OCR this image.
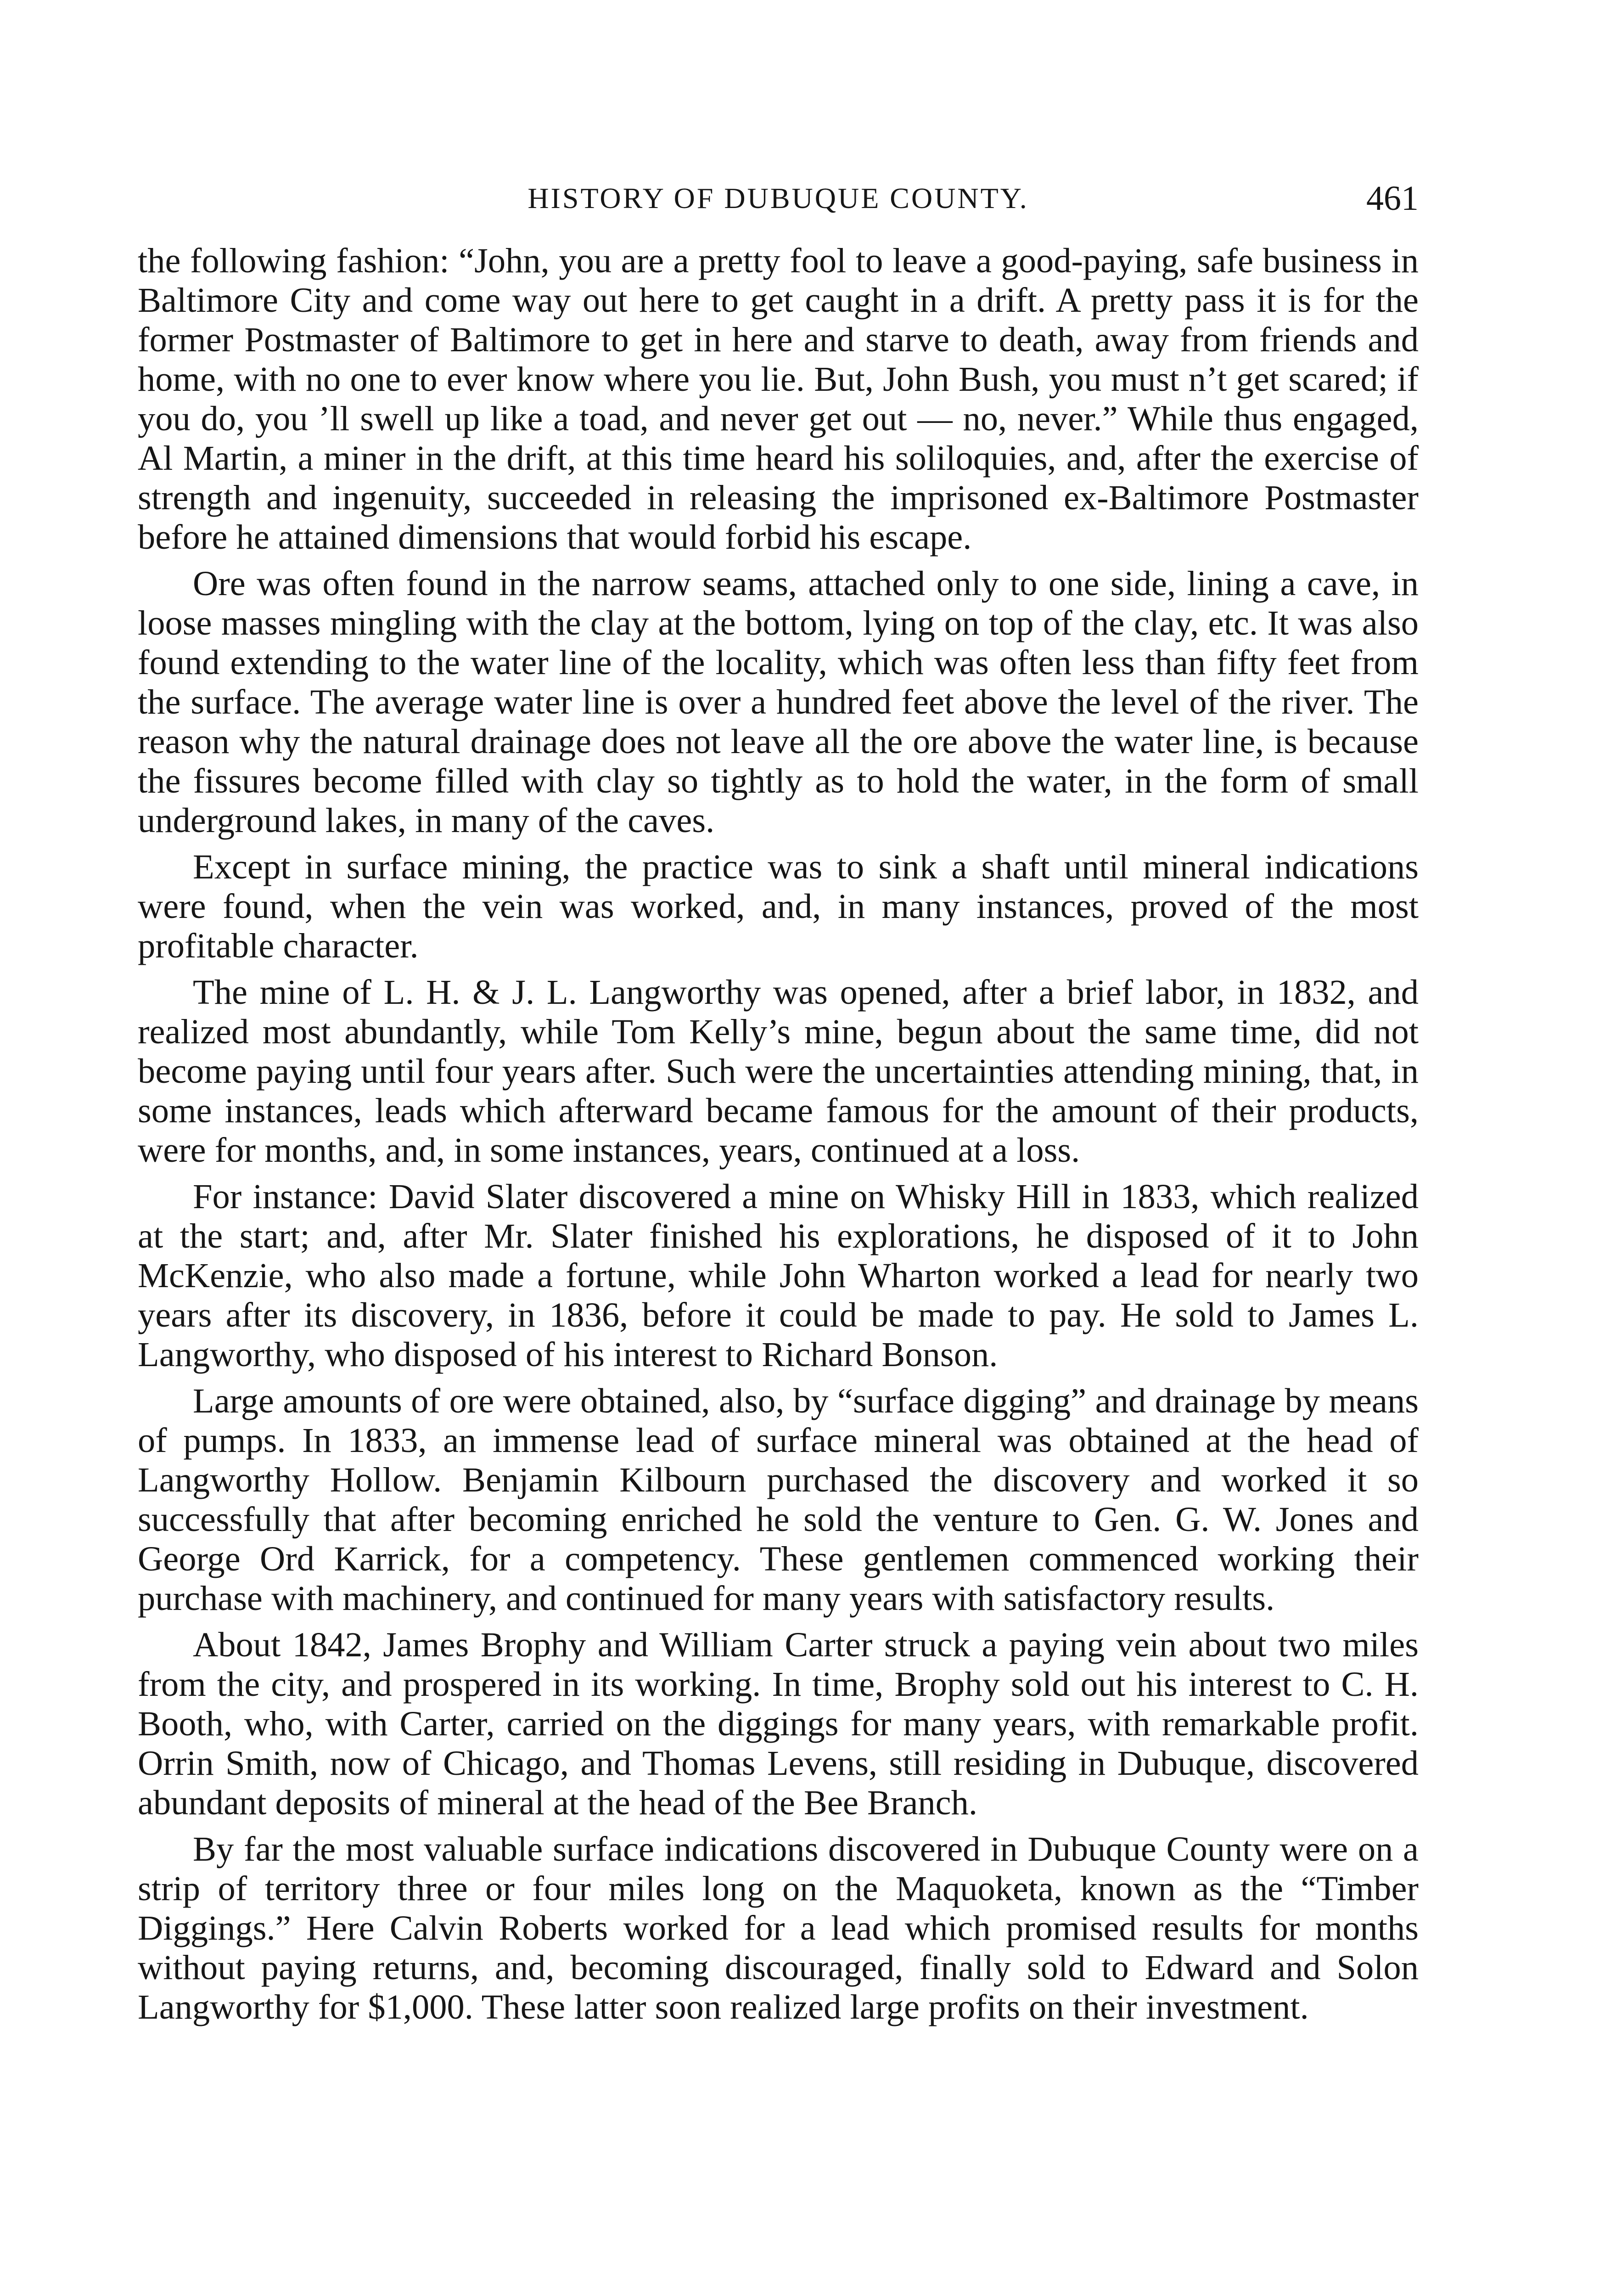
HISTORY OF DUBUQUE COUNTY.	461

the following fashion: “John, you are a pretty fool to leave a good-paying, safe business in Baltimore City and come way out here to get caught in a drift. A pretty pass it is for the former Postmaster of Baltimore to get in here and starve to death, away from friends and home, with no one to ever know where you lie. But, John Bush, you must n’t get scared; if you do, you ’ll swell up like a toad, and never get out — no, never.” While thus engaged, Al Martin, a miner in the drift, at this time heard his soliloquies, and, after the exercise of strength and ingenuity, succeeded in releasing the imprisoned ex-Baltimore Postmaster before he attained dimensions that would forbid his escape.

Ore was often found in the narrow seams, attached only to one side, lining a cave, in loose masses mingling with the clay at the bottom, lying on top of the clay, etc. It was also found extending to the water line of the locality, which was often less than fifty feet from the surface. The average water line is over a hundred feet above the level of the river. The reason why the natural drainage does not leave all the ore above the water line, is because the fissures become filled with clay so tightly as to hold the water, in the form of small underground lakes, in many of the caves.

Except in surface mining, the practice was to sink a shaft until mineral indications were found, when the vein was worked, and, in many instances, proved of the most profitable character.

The mine of L. H. & J. L. Langworthy was opened, after a brief labor, in 1832, and realized most abundantly, while Tom Kelly’s mine, begun about the same time, did not become paying until four years after. Such were the uncertainties attending mining, that, in some instances, leads which afterward became famous for the amount of their products, were for months, and, in some instances, years, continued at a loss.

For instance: David Slater discovered a mine on Whisky Hill in 1833, which realized at the start; and, after Mr. Slater finished his explorations, he disposed of it to John McKenzie, who also made a fortune, while John Wharton worked a lead for nearly two years after its discovery, in 1836, before it could be made to pay. He sold to James L. Langworthy, who disposed of his interest to Richard Bonson.

Large amounts of ore were obtained, also, by “surface digging” and drainage by means of pumps. In 1833, an immense lead of surface mineral was obtained at the head of Langworthy Hollow. Benjamin Kilbourn purchased the discovery and worked it so successfully that after becoming enriched he sold the venture to Gen. G. W. Jones and George Ord Karrick, for a competency. These gentlemen commenced working their purchase with machinery, and continued for many years with satisfactory results.

About 1842, James Brophy and William Carter struck a paying vein about two miles from the city, and prospered in its working. In time, Brophy sold out his interest to C. H. Booth, who, with Carter, carried on the diggings for many years, with remarkable profit. Orrin Smith, now of Chicago, and Thomas Levens, still residing in Dubuque, discovered abundant deposits of mineral at the head of the Bee Branch.

By far the most valuable surface indications discovered in Dubuque County were on a strip of territory three or four miles long on the Maquoketa, known as the “Timber Diggings.” Here Calvin Roberts worked for a lead which promised results for months without paying returns, and, becoming discouraged, finally sold to Edward and Solon Langworthy for $1,000. These latter soon realized large profits on their investment.
